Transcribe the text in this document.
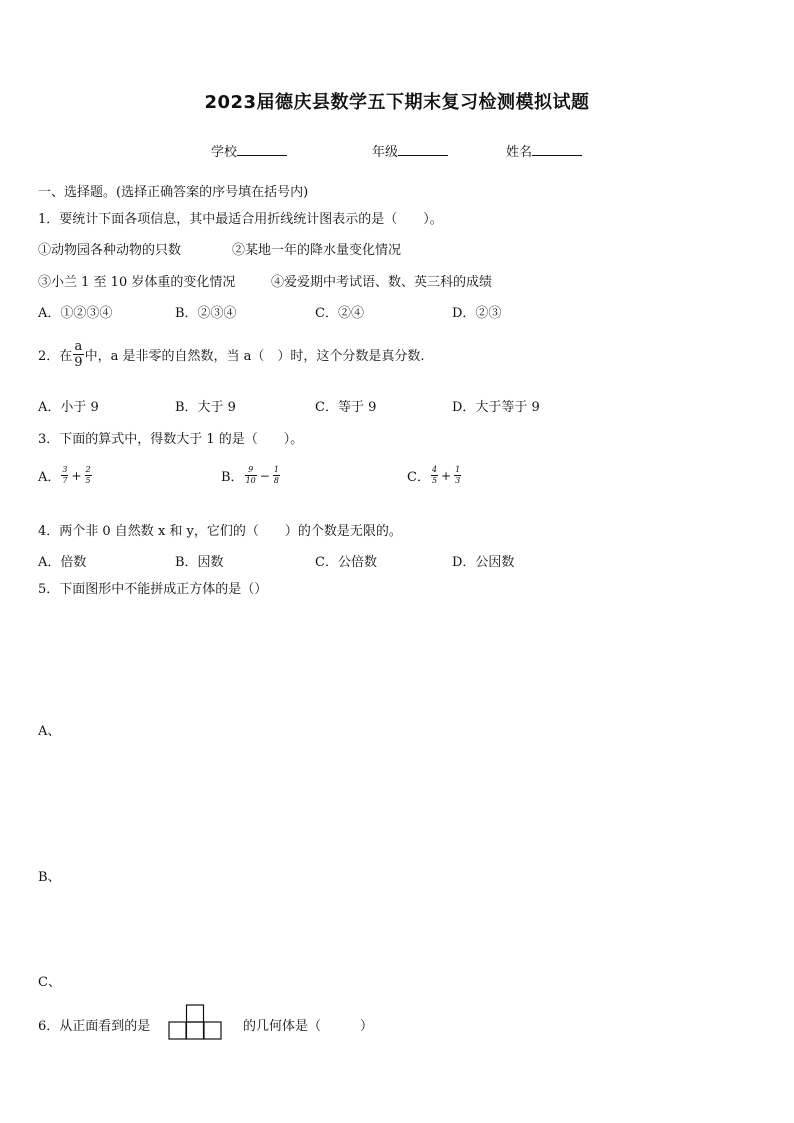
2023届德庆县数学五下期末复习检测模拟试题
学校	年级	姓名
一、选择题。(选择正确答案的序号填在括号内)
1．要统计下面各项信息，其中最适合用折线统计图表示的是（　　）。
①动物园各种动物的只数	②某地一年的降水量变化情况
③小兰 1 至 10 岁体重的变化情况	④爱爱期中考试语、数、英三科的成绩
A．①②③④	B．②③④	C．②④	D．②③
2．在 $\frac{a}{9}$ 中，a 是非零的自然数，当 a（　）时，这个分数是真分数.
A．小于 9	B．大于 9	C．等于 9	D．大于等于 9
3．下面的算式中，得数大于 1 的是（　　）。
A． $\frac{3}{7} + \frac{2}{5}$	B． $\frac{9}{10} - \frac{1}{8}$	C． $\frac{4}{5} + \frac{1}{3}$
4．两个非 0 自然数 x 和 y，它们的（　　）的个数是无限的。
A．倍数	B．因数	C．公倍数	D．公因数
5．下面图形中不能拼成正方体的是（）
A、
B、
C、
6．从正面看到的是	的几何体是（　　　）
